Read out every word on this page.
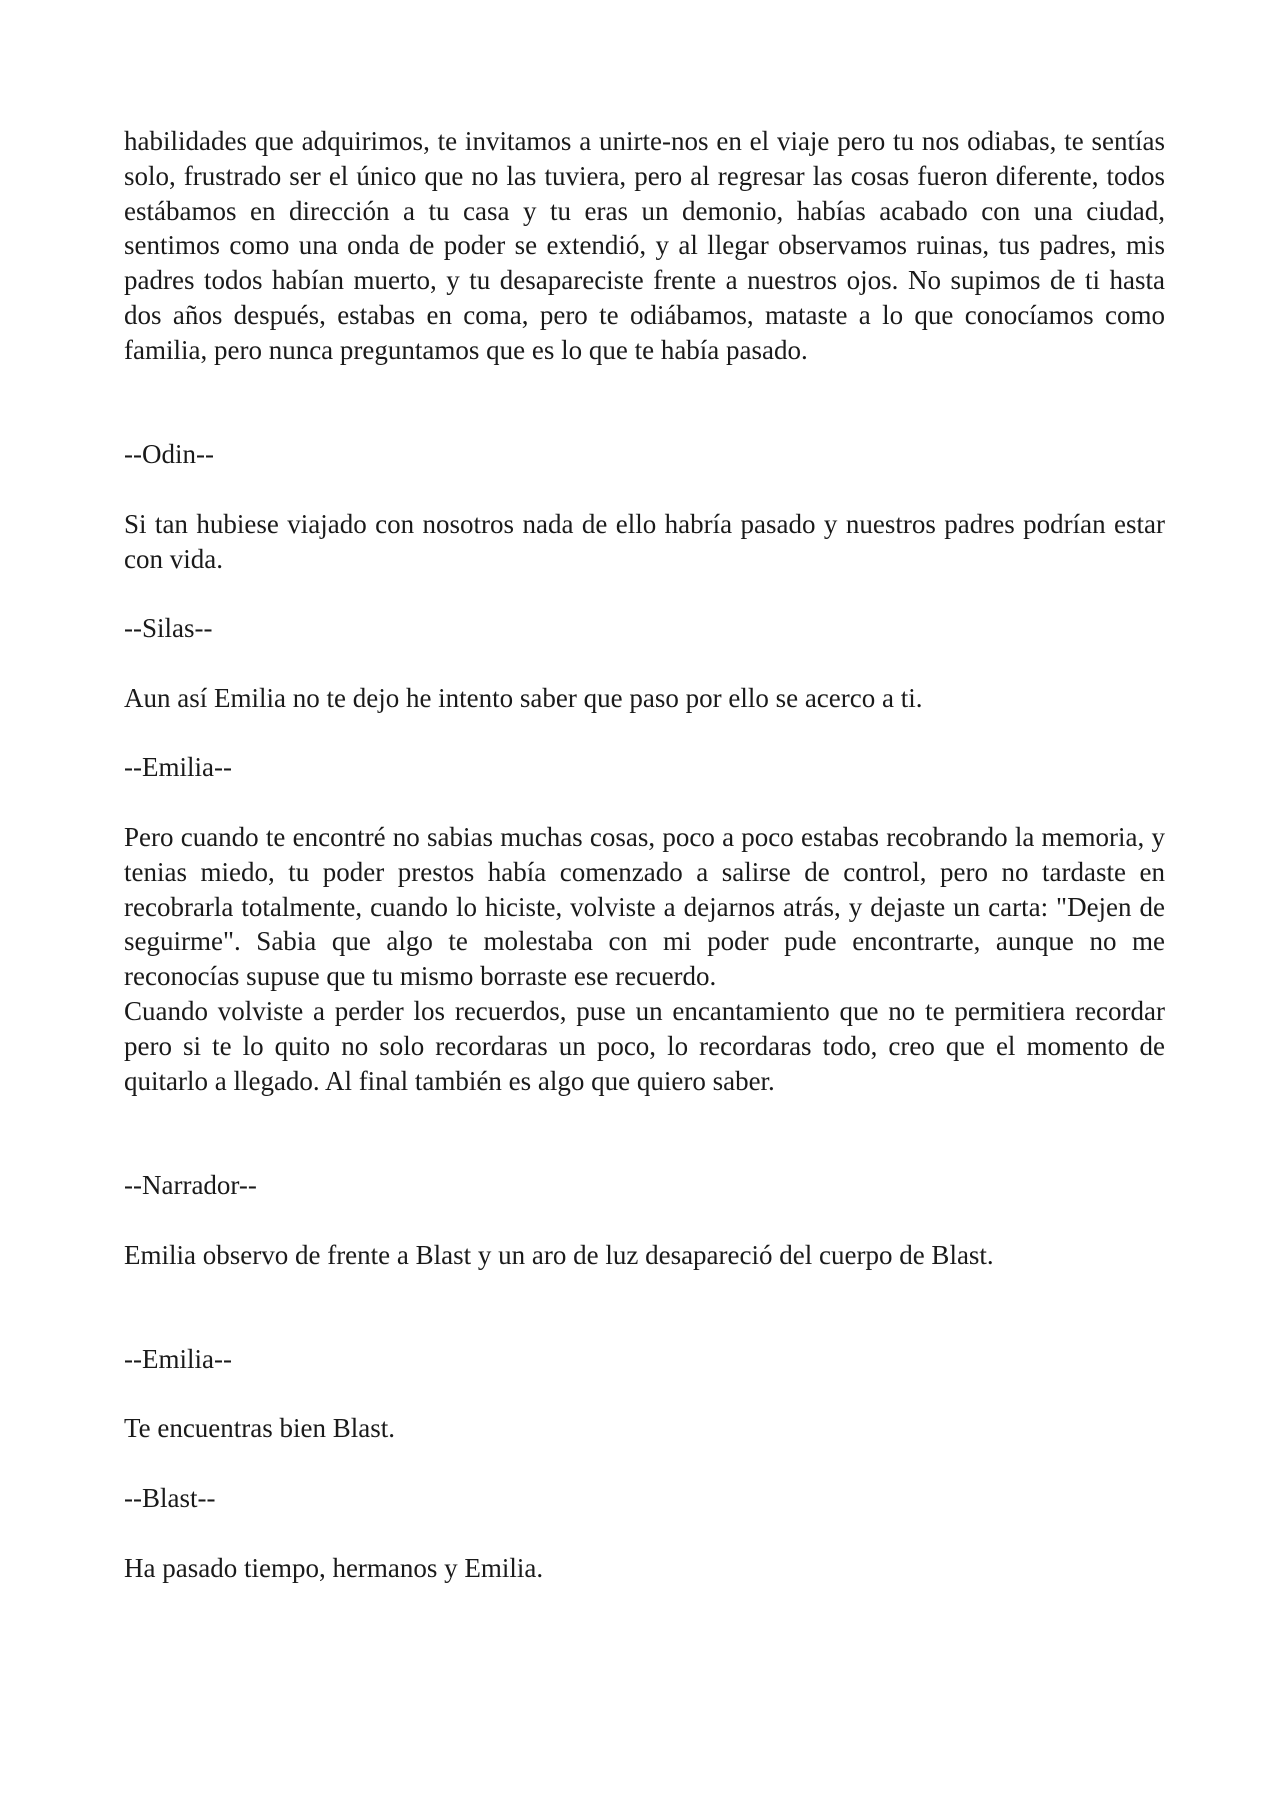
habilidades que adquirimos, te invitamos a unirte-nos en el viaje pero tu nos odiabas, te sentías solo, frustrado ser el único que no las tuviera, pero al regresar las cosas fueron diferente, todos estábamos en dirección a tu casa y tu eras un demonio, habías acabado con una ciudad, sentimos como una onda de poder se extendió, y al llegar observamos ruinas, tus padres, mis padres todos habían muerto, y tu desapareciste frente a nuestros ojos. No supimos de ti hasta dos años después, estabas en coma, pero te odiábamos, mataste a lo que conocíamos como familia, pero nunca preguntamos que es lo que te había pasado.

--Odin--

Si tan hubiese viajado con nosotros nada de ello habría pasado y nuestros padres podrían estar con vida.

--Silas--

Aun así Emilia no te dejo he intento saber que paso por ello se acerco a ti.

--Emilia--

Pero cuando te encontré no sabias muchas cosas, poco a poco estabas recobrando la memoria, y tenias miedo, tu poder prestos había comenzado a salirse de control, pero no tardaste en recobrarla totalmente, cuando lo hiciste, volviste a dejarnos atrás, y dejaste un carta: "Dejen de seguirme". Sabia que algo te molestaba con mi poder pude encontrarte, aunque no me reconocías supuse que tu mismo borraste ese recuerdo.

Cuando volviste a perder los recuerdos, puse un encantamiento que no te permitiera recordar pero si te lo quito no solo recordaras un poco, lo recordaras todo, creo que el momento de quitarlo a llegado. Al final también es algo que quiero saber.

--Narrador--

Emilia observo de frente a Blast y un aro de luz desapareció del cuerpo de Blast.

--Emilia--

Te encuentras bien Blast.

--Blast--

Ha pasado tiempo, hermanos y Emilia.
